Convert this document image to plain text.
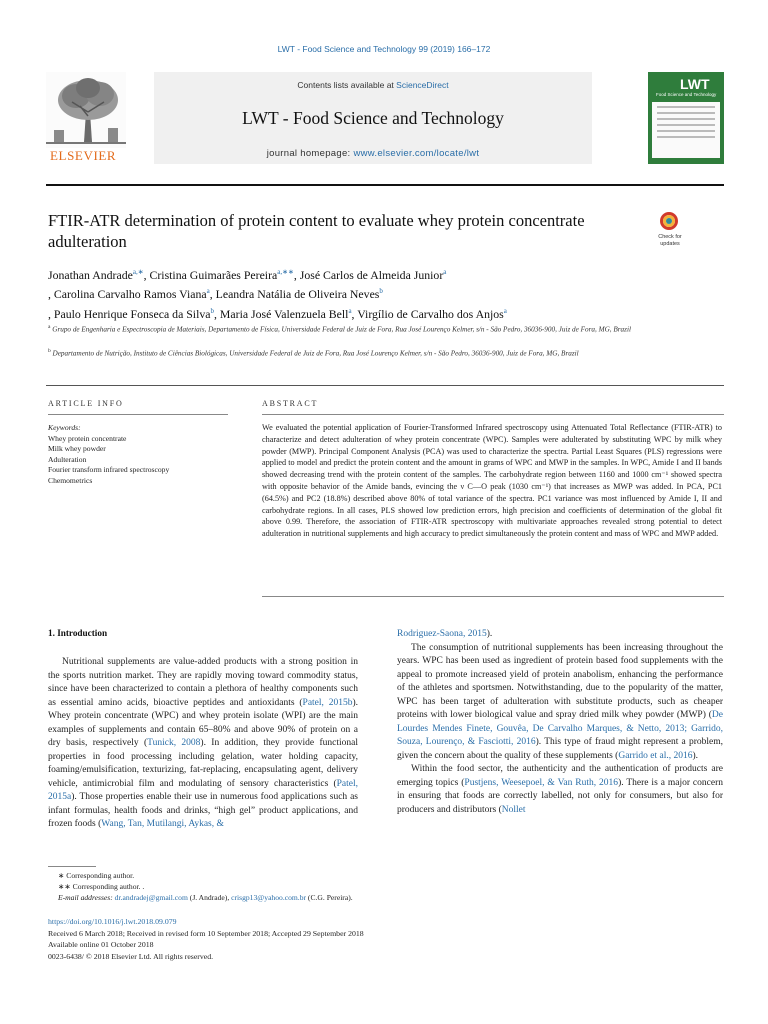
LWT - Food Science and Technology 99 (2019) 166–172
ELSEVIER
Contents lists available at ScienceDirect
LWT - Food Science and Technology
journal homepage: www.elsevier.com/locate/lwt
LWT
Food Science and Technology
FTIR-ATR determination of protein content to evaluate whey protein concentrate adulteration	Check for updates
Jonathan Andrade$^{a,∗}$, Cristina Guimarães Pereira$^{a,∗∗}$, José Carlos de Almeida Junior$^a$
, Carolina Carvalho Ramos Viana$^a$, Leandra Natália de Oliveira Neves$^b$
, Paulo Henrique Fonseca da Silva$^b$, Maria José Valenzuela Bell$^a$, Virgílio de Carvalho dos Anjos$^a$
$^a$ Grupo de Engenharia e Espectroscopia de Materiais, Departamento de Física, Universidade Federal de Juiz de Fora, Rua José Lourenço Kelmer, s/n - São Pedro, 36036-900, Juiz de Fora, MG, Brazil
$^b$ Departamento de Nutrição, Instituto de Ciências Biológicas, Universidade Federal de Juiz de Fora, Rua José Lourenço Kelmer, s/n - São Pedro, 36036-900, Juiz de Fora, MG, Brazil
ARTICLE INFO
Keywords:
Whey protein concentrate
Milk whey powder
Adulteration
Fourier transform infrared spectroscopy
Chemometrics
ABSTRACT
We evaluated the potential application of Fourier-Transformed Infrared spectroscopy using Attenuated Total Reflectance (FTIR-ATR) to characterize and detect adulteration of whey protein concentrate (WPC). Samples were adulterated by substituting WPC by milk whey powder (MWP). Principal Component Analysis (PCA) was used to characterize the spectra. Partial Least Squares (PLS) regressions were applied to model and predict the protein content and the amount in grams of WPC and MWP in the samples. In WPC, Amide I and II bands showed decreasing trend with the protein content of the samples. The carbohydrate region between 1160 and 1000 cm⁻¹ showed spectra with opposite behavior of the Amide bands, evincing the ν C—O peak (1030 cm⁻¹) that increases as MWP was added. In PCA, PC1 (64.5%) and PC2 (18.8%) described above 80% of total variance of the spectra. PC1 variance was most influenced by Amide I, II and carbohydrate regions. In all cases, PLS showed low prediction errors, high precision and coefficients of determination of the global fit above 0.99. Therefore, the association of FTIR-ATR spectroscopy with multivariate approaches revealed strong potential to detect adulteration in nutritional supplements and high accuracy to predict simultaneously the protein content and mass of WPC and MWP added.
1. Introduction

Nutritional supplements are value-added products with a strong position in the sports nutrition market. They are rapidly moving toward commodity status, since have been characterized to contain a plethora of healthy components such as essential amino acids, bioactive peptides and antioxidants (Patel, 2015b). Whey protein concentrate (WPC) and whey protein isolate (WPI) are the main examples of supplements and contain 65–80% and above 90% of protein on a dry basis, respectively (Tunick, 2008). In addition, they provide functional properties in food processing including gelation, water holding capacity, foaming/emulsification, texturizing, fat-replacing, encapsulating agent, delivery vehicle, antimicrobial film and modulating of sensory characteristics (Patel, 2015a). Those properties enable their use in numerous food applications such as infant formulas, health foods and drinks, “high gel” product applications, and frozen foods (Wang, Tan, Mutilangi, Aykas, &

Rodriguez-Saona, 2015).

The consumption of nutritional supplements has been increasing throughout the years. WPC has been used as ingredient of protein based food supplements with the appeal to promote increased yield of protein anabolism, enhancing the performance of the athletes and sportsmen. Notwithstanding, due to the popularity of the matter, WPC has been target of adulteration with substitute products, such as cheaper proteins with lower biological value and spray dried milk whey powder (MWP) (De Lourdes Mendes Finete, Gouvêa, De Carvalho Marques, & Netto, 2013; Garrido, Souza, Lourenço, & Fasciotti, 2016). This type of fraud might represent a problem, given the concern about the quality of these supplements (Garrido et al., 2016).

Within the food sector, the authenticity and the authentication of products are emerging topics (Pustjens, Weesepoel, & Van Ruth, 2016). There is a major concern in ensuring that foods are correctly labelled, not only for consumers, but also for producers and distributors (Nollet

∗ Corresponding author.
∗∗ Corresponding author. .
E-mail addresses: dr.andradej@gmail.com (J. Andrade), crisgp13@yahoo.com.br (C.G. Pereira).
https://doi.org/10.1016/j.lwt.2018.09.079
Received 6 March 2018; Received in revised form 10 September 2018; Accepted 29 September 2018
Available online 01 October 2018
0023-6438/ © 2018 Elsevier Ltd. All rights reserved.
